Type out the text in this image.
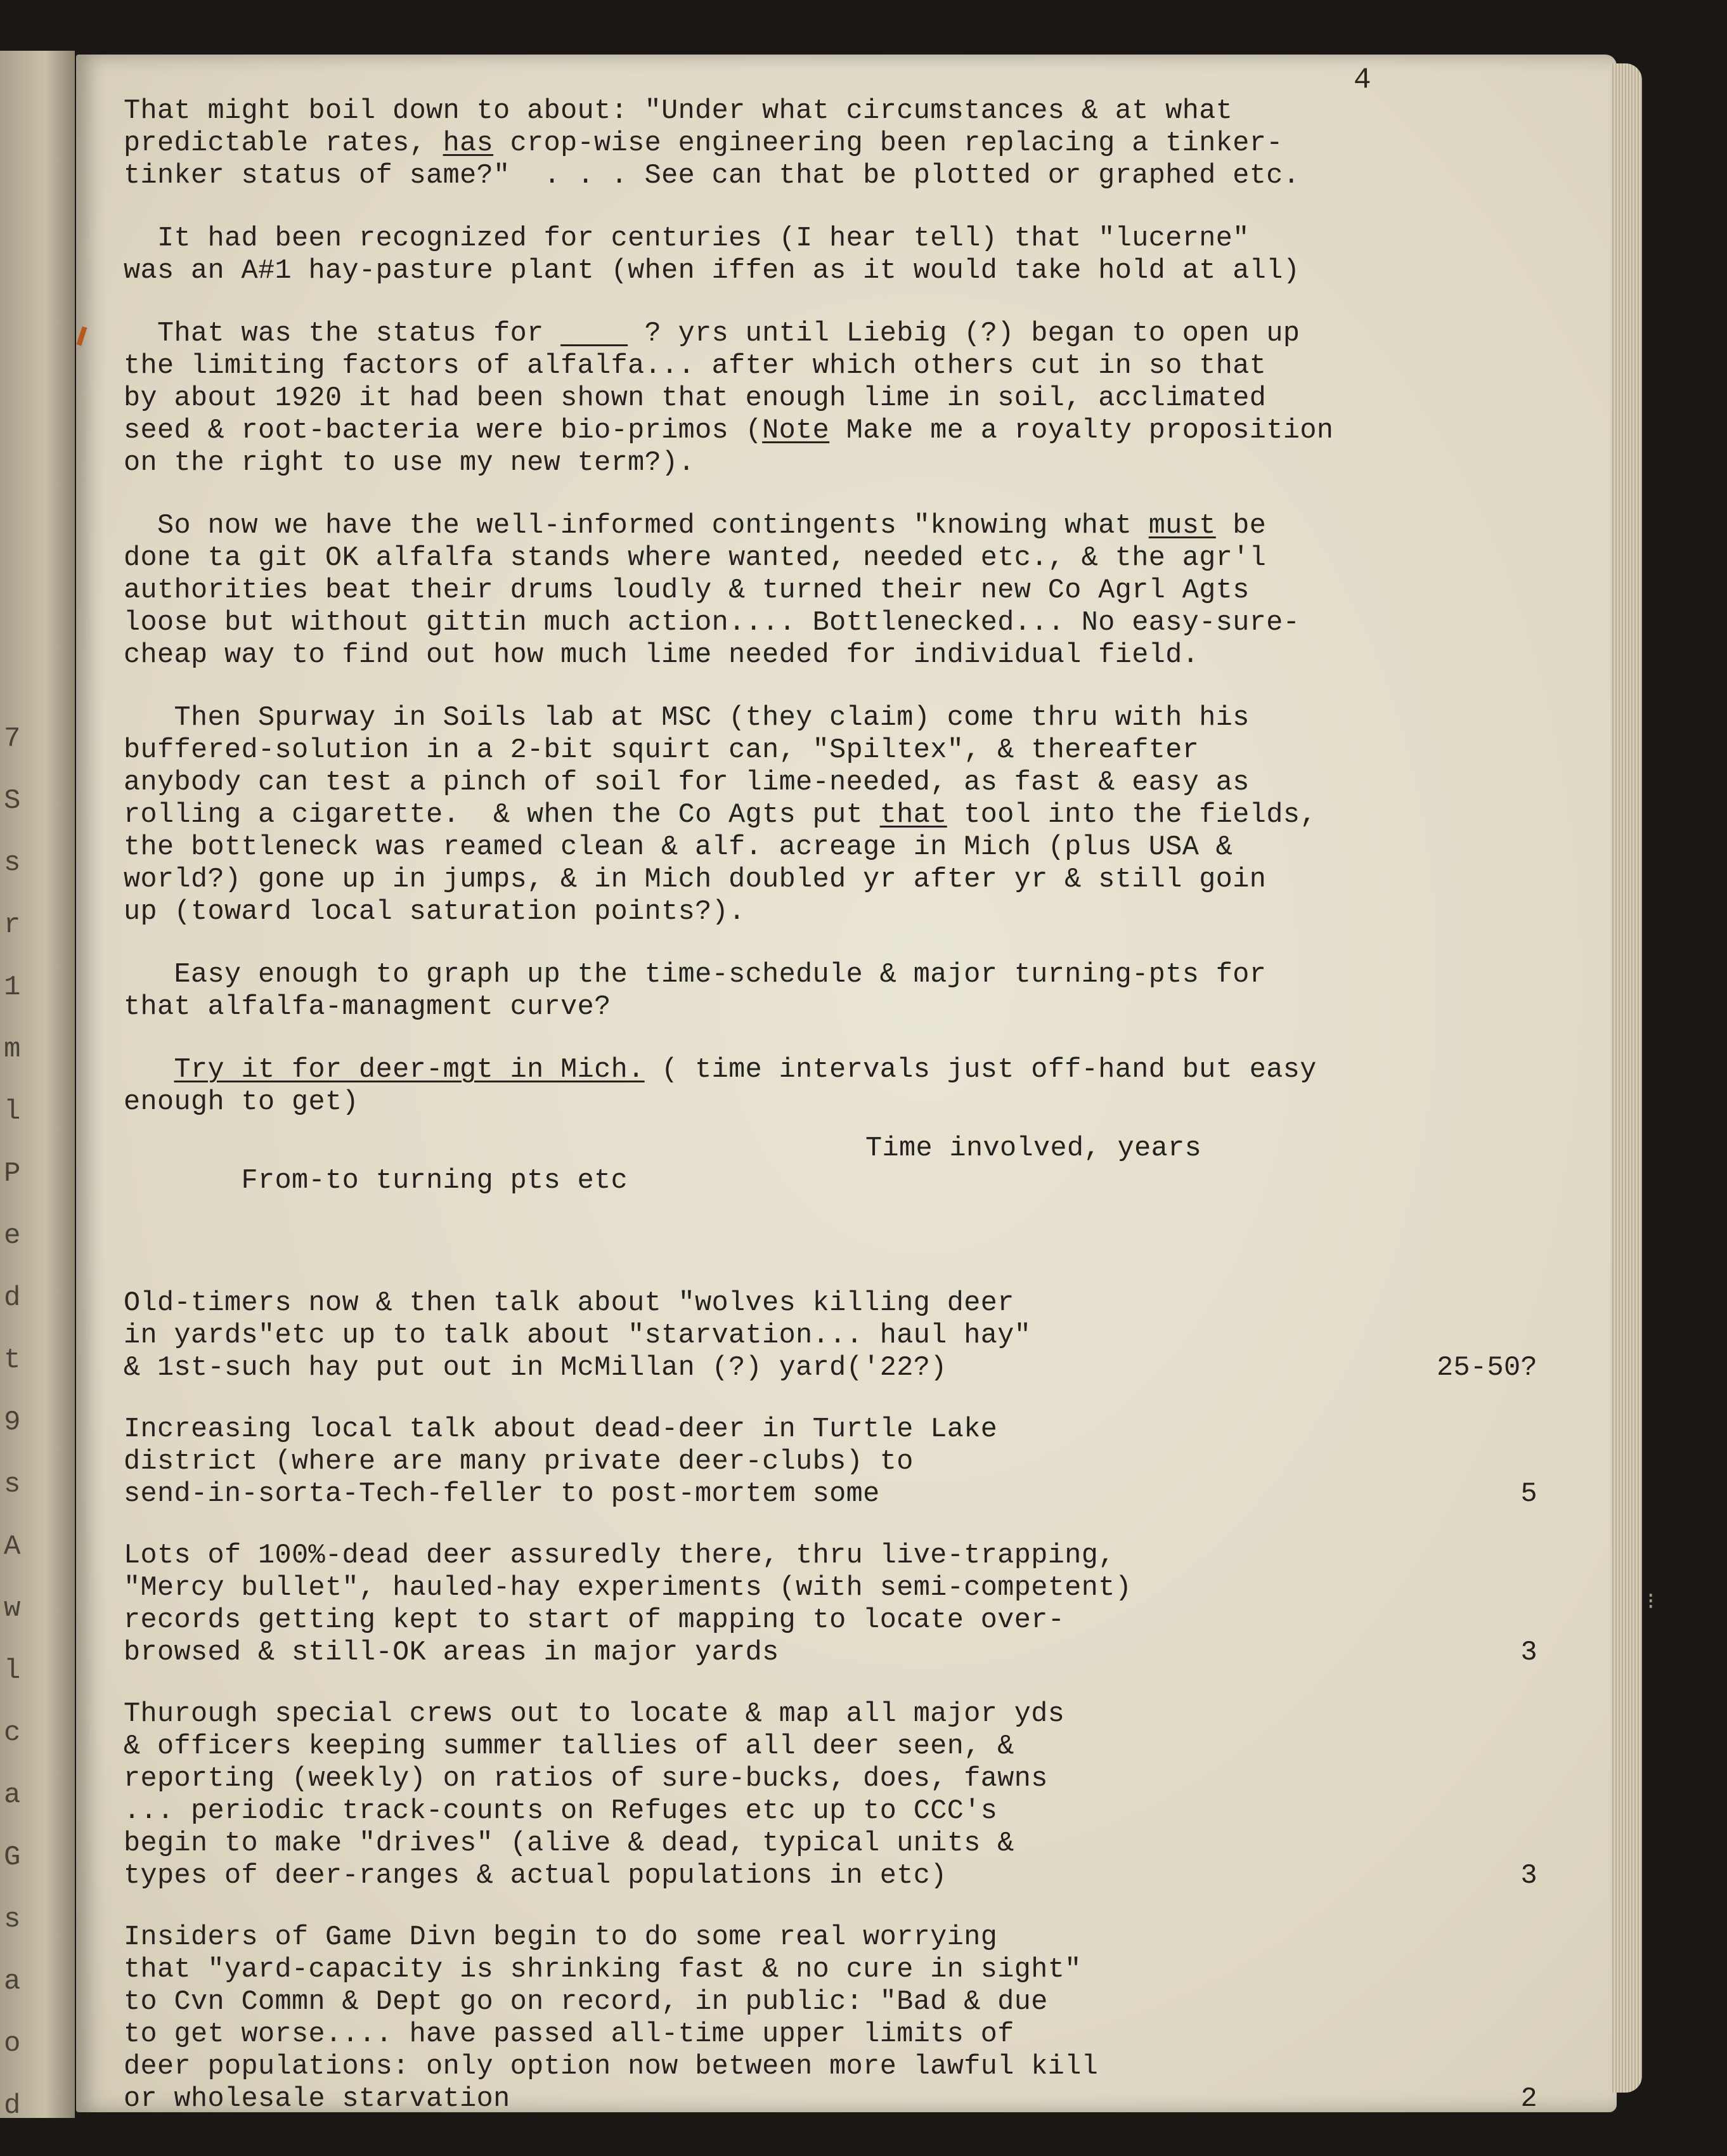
7
S
s
r
1
m
l
P
e
d
t
9
s
A
w
l
c
a
G
s
a
o
d
⁝
4
That might boil down to about: "Under what circumstances & at what
predictable rates, has crop-wise engineering been replacing a tinker-
tinker status of same?"  . . . See can that be plotted or graphed etc.
It had been recognized for centuries (I hear tell) that "lucerne"
was an A#1 hay-pasture plant (when iffen as it would take hold at all)
That was the status for      ? yrs until Liebig (?) began to open up
the limiting factors of alfalfa... after which others cut in so that
by about 1920 it had been shown that enough lime in soil, acclimated
seed & root-bacteria were bio-primos (Note Make me a royalty proposition
on the right to use my new term?).
So now we have the well-informed contingents "knowing what must be
done ta git OK alfalfa stands where wanted, needed etc., & the agr'l
authorities beat their drums loudly & turned their new Co Agrl Agts
loose but without gittin much action.... Bottlenecked... No easy-sure-
cheap way to find out how much lime needed for individual field.
Then Spurway in Soils lab at MSC (they claim) come thru with his
buffered-solution in a 2-bit squirt can, "Spiltex", & thereafter
anybody can test a pinch of soil for lime-needed, as fast & easy as
rolling a cigarette.  & when the Co Agts put that tool into the fields,
the bottleneck was reamed clean & alf. acreage in Mich (plus USA &
world?) gone up in jumps, & in Mich doubled yr after yr & still goin
up (toward local saturation points?).
Easy enough to graph up the time-schedule & major turning-pts for
that alfalfa-managment curve?
Try it for deer-mgt in Mich. ( time intervals just off-hand but easy
enough to get)

From-to turning pts etc

Time involved, years

Old-timers now & then talk about "wolves killing deer
in yards"etc up to talk about "starvation... haul hay"
& 1st-such hay put out in McMillan (?) yard('22?)	25-50?
Increasing local talk about dead-deer in Turtle Lake
district (where are many private deer-clubs) to
send-in-sorta-Tech-feller to post-mortem some	5
Lots of 100%-dead deer assuredly there, thru live-trapping,
"Mercy bullet", hauled-hay experiments (with semi-competent)
records getting kept to start of mapping to locate over-
browsed & still-OK areas in major yards	3
Thurough special crews out to locate & map all major yds
& officers keeping summer tallies of all deer seen, &
reporting (weekly) on ratios of sure-bucks, does, fawns
... periodic track-counts on Refuges etc up to CCC's
begin to make "drives" (alive & dead, typical units &
types of deer-ranges & actual populations in etc)	3
Insiders of Game Divn begin to do some real worrying
that "yard-capacity is shrinking fast & no cure in sight"
to Cvn Commn & Dept go on record, in public: "Bad & due
to get worse.... have passed all-time upper limits of
deer populations: only option now between more lawful kill
or wholesale starvation	2
